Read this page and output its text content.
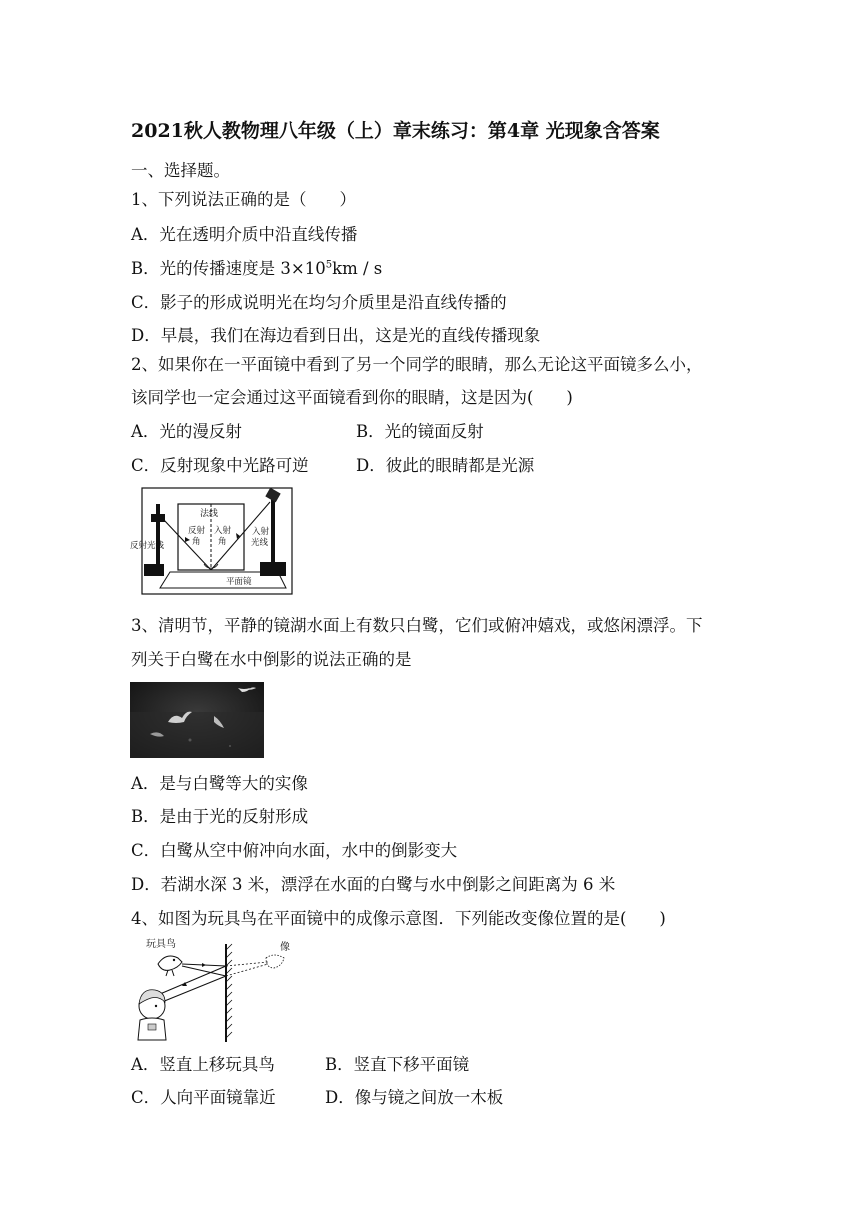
2021秋人教物理八年级（上）章末练习：第4章 光现象含答案
一、选择题。
1、下列说法正确的是（　　）
A．光在透明介质中沿直线传播
B．光的传播速度是 $3\times 10^5km / s$
C．影子的形成说明光在均匀介质里是沿直线传播的
D．早晨，我们在海边看到日出，这是光的直线传播现象
2、如果你在一平面镜中看到了另一个同学的眼睛，那么无论这平面镜多么小，
该同学也一定会通过这平面镜看到你的眼睛，这是因为(　　)
A．光的漫反射	B．光的镜面反射
C．反射现象中光路可逆	D．彼此的眼睛都是光源
法线
反射
角
入射
角
入射
光线
反射光线
平面镜
3、清明节，平静的镜湖水面上有数只白鹭，它们或俯冲嬉戏，或悠闲漂浮。下
列关于白鹭在水中倒影的说法正确的是
A．是与白鹭等大的实像
B．是由于光的反射形成
C．白鹭从空中俯冲向水面，水中的倒影变大
D．若湖水深 3 米，漂浮在水面的白鹭与水中倒影之间距离为 6 米
4、如图为玩具鸟在平面镜中的成像示意图．下列能改变像位置的是(　　)
玩具鸟	像
A．竖直上移玩具鸟	B．竖直下移平面镜
C．人向平面镜靠近	D．像与镜之间放一木板
